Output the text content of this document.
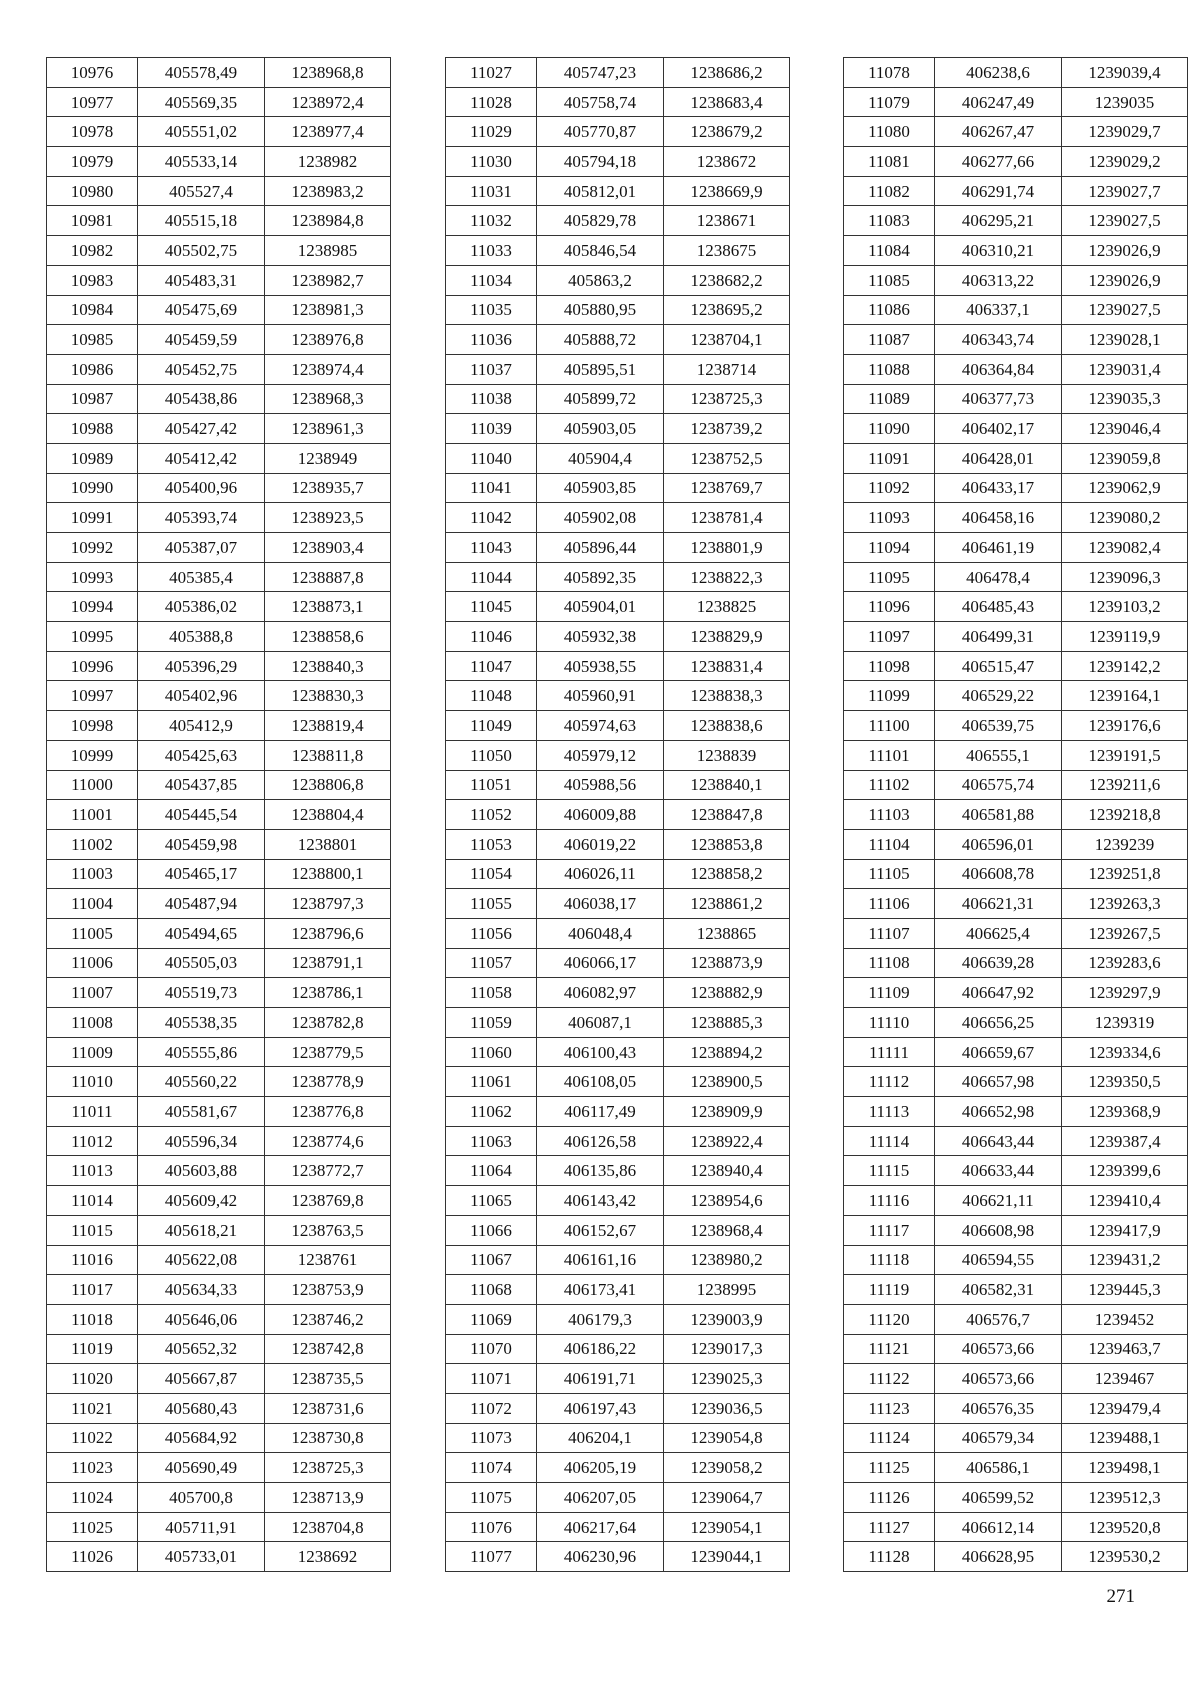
10976	405578,49	1238968,8
10977	405569,35	1238972,4
10978	405551,02	1238977,4
10979	405533,14	1238982
10980	405527,4	1238983,2
10981	405515,18	1238984,8
10982	405502,75	1238985
10983	405483,31	1238982,7
10984	405475,69	1238981,3
10985	405459,59	1238976,8
10986	405452,75	1238974,4
10987	405438,86	1238968,3
10988	405427,42	1238961,3
10989	405412,42	1238949
10990	405400,96	1238935,7
10991	405393,74	1238923,5
10992	405387,07	1238903,4
10993	405385,4	1238887,8
10994	405386,02	1238873,1
10995	405388,8	1238858,6
10996	405396,29	1238840,3
10997	405402,96	1238830,3
10998	405412,9	1238819,4
10999	405425,63	1238811,8
11000	405437,85	1238806,8
11001	405445,54	1238804,4
11002	405459,98	1238801
11003	405465,17	1238800,1
11004	405487,94	1238797,3
11005	405494,65	1238796,6
11006	405505,03	1238791,1
11007	405519,73	1238786,1
11008	405538,35	1238782,8
11009	405555,86	1238779,5
11010	405560,22	1238778,9
11011	405581,67	1238776,8
11012	405596,34	1238774,6
11013	405603,88	1238772,7
11014	405609,42	1238769,8
11015	405618,21	1238763,5
11016	405622,08	1238761
11017	405634,33	1238753,9
11018	405646,06	1238746,2
11019	405652,32	1238742,8
11020	405667,87	1238735,5
11021	405680,43	1238731,6
11022	405684,92	1238730,8
11023	405690,49	1238725,3
11024	405700,8	1238713,9
11025	405711,91	1238704,8
11026	405733,01	1238692
11027	405747,23	1238686,2
11028	405758,74	1238683,4
11029	405770,87	1238679,2
11030	405794,18	1238672
11031	405812,01	1238669,9
11032	405829,78	1238671
11033	405846,54	1238675
11034	405863,2	1238682,2
11035	405880,95	1238695,2
11036	405888,72	1238704,1
11037	405895,51	1238714
11038	405899,72	1238725,3
11039	405903,05	1238739,2
11040	405904,4	1238752,5
11041	405903,85	1238769,7
11042	405902,08	1238781,4
11043	405896,44	1238801,9
11044	405892,35	1238822,3
11045	405904,01	1238825
11046	405932,38	1238829,9
11047	405938,55	1238831,4
11048	405960,91	1238838,3
11049	405974,63	1238838,6
11050	405979,12	1238839
11051	405988,56	1238840,1
11052	406009,88	1238847,8
11053	406019,22	1238853,8
11054	406026,11	1238858,2
11055	406038,17	1238861,2
11056	406048,4	1238865
11057	406066,17	1238873,9
11058	406082,97	1238882,9
11059	406087,1	1238885,3
11060	406100,43	1238894,2
11061	406108,05	1238900,5
11062	406117,49	1238909,9
11063	406126,58	1238922,4
11064	406135,86	1238940,4
11065	406143,42	1238954,6
11066	406152,67	1238968,4
11067	406161,16	1238980,2
11068	406173,41	1238995
11069	406179,3	1239003,9
11070	406186,22	1239017,3
11071	406191,71	1239025,3
11072	406197,43	1239036,5
11073	406204,1	1239054,8
11074	406205,19	1239058,2
11075	406207,05	1239064,7
11076	406217,64	1239054,1
11077	406230,96	1239044,1
11078	406238,6	1239039,4
11079	406247,49	1239035
11080	406267,47	1239029,7
11081	406277,66	1239029,2
11082	406291,74	1239027,7
11083	406295,21	1239027,5
11084	406310,21	1239026,9
11085	406313,22	1239026,9
11086	406337,1	1239027,5
11087	406343,74	1239028,1
11088	406364,84	1239031,4
11089	406377,73	1239035,3
11090	406402,17	1239046,4
11091	406428,01	1239059,8
11092	406433,17	1239062,9
11093	406458,16	1239080,2
11094	406461,19	1239082,4
11095	406478,4	1239096,3
11096	406485,43	1239103,2
11097	406499,31	1239119,9
11098	406515,47	1239142,2
11099	406529,22	1239164,1
11100	406539,75	1239176,6
11101	406555,1	1239191,5
11102	406575,74	1239211,6
11103	406581,88	1239218,8
11104	406596,01	1239239
11105	406608,78	1239251,8
11106	406621,31	1239263,3
11107	406625,4	1239267,5
11108	406639,28	1239283,6
11109	406647,92	1239297,9
11110	406656,25	1239319
11111	406659,67	1239334,6
11112	406657,98	1239350,5
11113	406652,98	1239368,9
11114	406643,44	1239387,4
11115	406633,44	1239399,6
11116	406621,11	1239410,4
11117	406608,98	1239417,9
11118	406594,55	1239431,2
11119	406582,31	1239445,3
11120	406576,7	1239452
11121	406573,66	1239463,7
11122	406573,66	1239467
11123	406576,35	1239479,4
11124	406579,34	1239488,1
11125	406586,1	1239498,1
11126	406599,52	1239512,3
11127	406612,14	1239520,8
11128	406628,95	1239530,2
271
